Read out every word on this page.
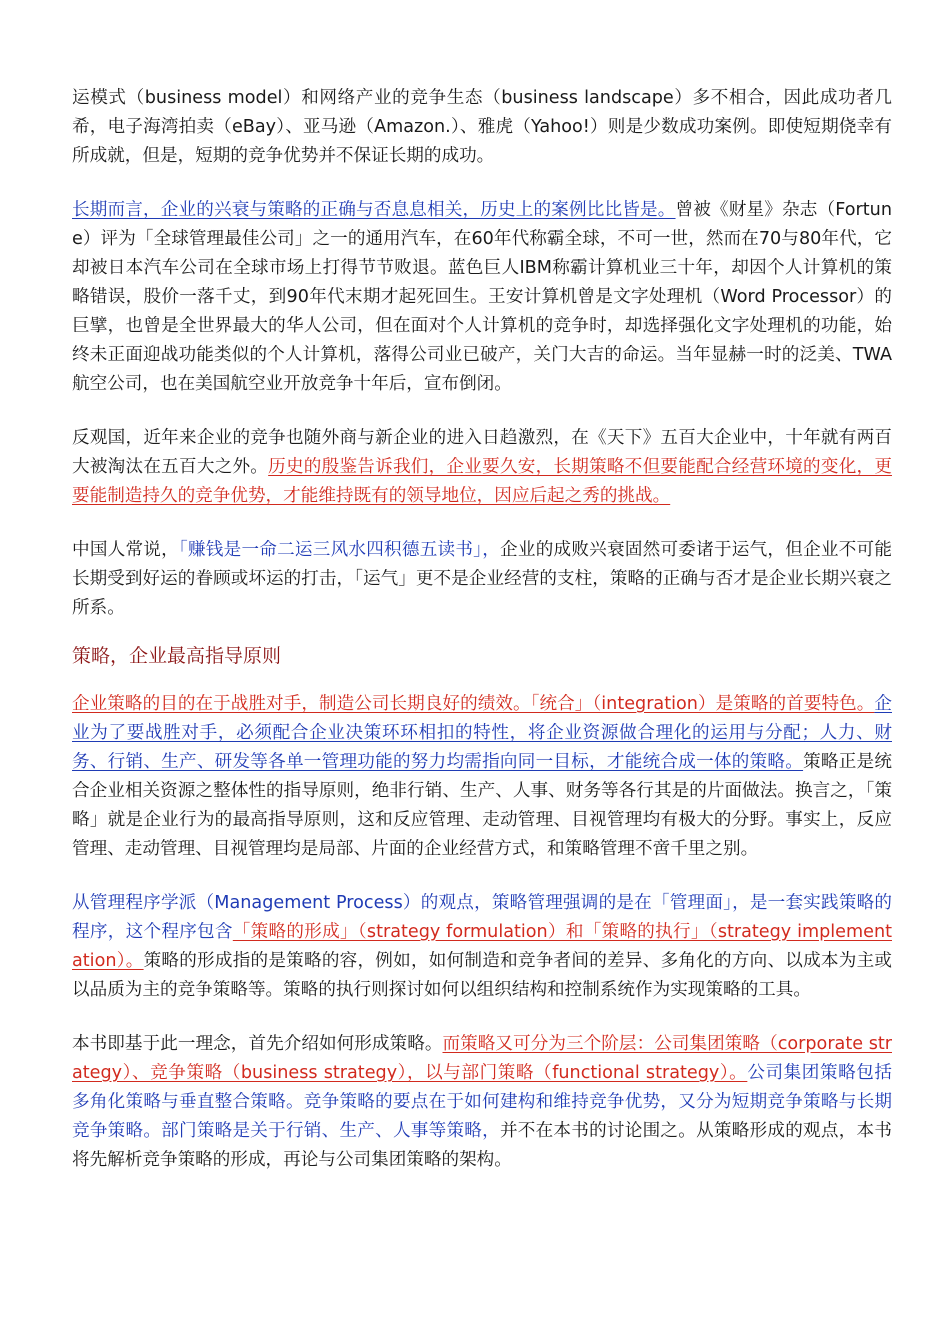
运模式（business model）和网络产业的竞争生态（business landscape）多不相合，因此成功者几希，电子海湾拍卖（eBay）、亚马逊（Amazon.）、雅虎（Yahoo!）则是少数成功案例。即使短期侥幸有所成就，但是，短期的竞争优势并不保证长期的成功。

长期而言，企业的兴衰与策略的正确与否息息相关，历史上的案例比比皆是。曾被《财星》杂志（Fortune）评为「全球管理最佳公司」之一的通用汽车，在60年代称霸全球，不可一世，然而在70与80年代，它却被日本汽车公司在全球市场上打得节节败退。蓝色巨人IBM称霸计算机业三十年，却因个人计算机的策略错误，股价一落千丈，到90年代末期才起死回生。王安计算机曾是文字处理机（Word Processor）的巨擘，也曾是全世界最大的华人公司，但在面对个人计算机的竞争时，却选择强化文字处理机的功能，始终未正面迎战功能类似的个人计算机，落得公司业已破产，关门大吉的命运。当年显赫一时的泛美、TWA航空公司，也在美国航空业开放竞争十年后，宣布倒闭。

反观国，近年来企业的竞争也随外商与新企业的进入日趋激烈，在《天下》五百大企业中，十年就有两百大被淘汰在五百大之外。历史的殷鉴告诉我们，企业要久安，长期策略不但要能配合经营环境的变化，更要能制造持久的竞争优势，才能维持既有的领导地位，因应后起之秀的挑战。

中国人常说，「赚钱是一命二运三风水四积德五读书」，企业的成败兴衰固然可委诸于运气，但企业不可能长期受到好运的眷顾或坏运的打击，「运气」更不是企业经营的支柱，策略的正确与否才是企业长期兴衰之所系。

策略，企业最高指导原则

企业策略的目的在于战胜对手，制造公司长期良好的绩效。「统合」（integration）是策略的首要特色。企业为了要战胜对手，必须配合企业决策环环相扣的特性，将企业资源做合理化的运用与分配；人力、财务、行销、生产、研发等各单一管理功能的努力均需指向同一目标，才能统合成一体的策略。策略正是统合企业相关资源之整体性的指导原则，绝非行销、生产、人事、财务等各行其是的片面做法。换言之，「策略」就是企业行为的最高指导原则，这和反应管理、走动管理、目视管理均有极大的分野。事实上，反应管理、走动管理、目视管理均是局部、片面的企业经营方式，和策略管理不啻千里之别。

从管理程序学派（Management Process）的观点，策略管理强调的是在「管理面」，是一套实践策略的程序，这个程序包含「策略的形成」（strategy formulation）和「策略的执行」（strategy implementation）。策略的形成指的是策略的容，例如，如何制造和竞争者间的差异、多角化的方向、以成本为主或以品质为主的竞争策略等。策略的执行则探讨如何以组织结构和控制系统作为实现策略的工具。

本书即基于此一理念，首先介绍如何形成策略。而策略又可分为三个阶层：公司集团策略（corporate strategy）、竞争策略（business strategy），以与部门策略（functional strategy）。公司集团策略包括多角化策略与垂直整合策略。竞争策略的要点在于如何建构和维持竞争优势，又分为短期竞争策略与长期竞争策略。部门策略是关于行销、生产、人事等策略，并不在本书的讨论围之。从策略形成的观点，本书将先解析竞争策略的形成，再论与公司集团策略的架构。
